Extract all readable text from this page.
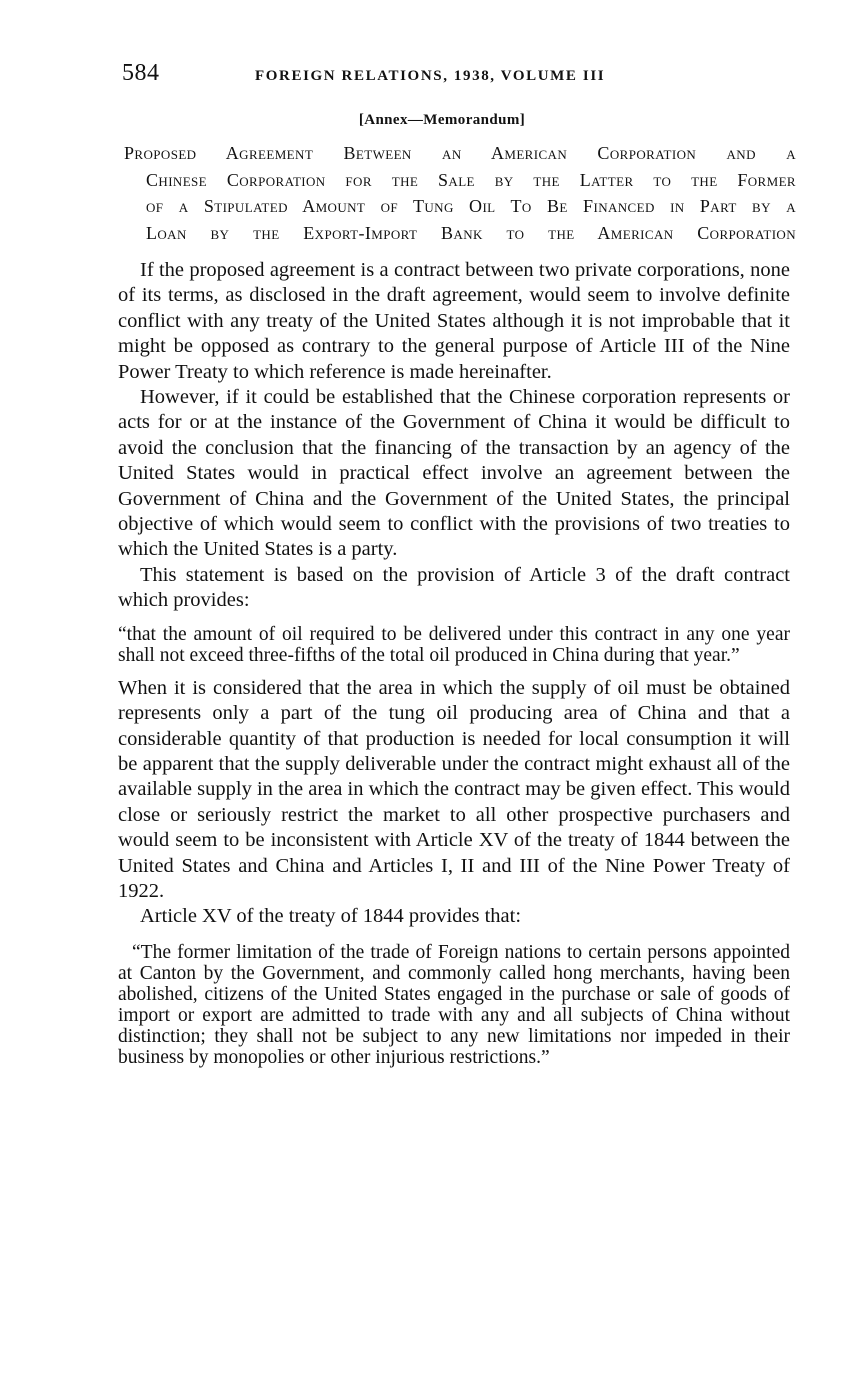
584	FOREIGN RELATIONS, 1938, VOLUME III
[Annex—Memorandum]
Proposed Agreement Between an American Corporation and a
Chinese Corporation for the Sale by the Latter to the Former
of a Stipulated Amount of Tung Oil To Be Financed in Part by a
Loan by the Export-Import Bank to the American Corporation

If the proposed agreement is a contract between two private corporations, none of its terms, as disclosed in the draft agreement, would seem to involve definite conflict with any treaty of the United States although it is not improbable that it might be opposed as contrary to the general purpose of Article III of the Nine Power Treaty to which reference is made hereinafter.

However, if it could be established that the Chinese corporation represents or acts for or at the instance of the Government of China it would be difficult to avoid the conclusion that the financing of the transaction by an agency of the United States would in practical effect involve an agreement between the Government of China and the Government of the United States, the principal objective of which would seem to conflict with the provisions of two treaties to which the United States is a party.

This statement is based on the provision of Article 3 of the draft contract which provides:

“that the amount of oil required to be delivered under this contract in any one year shall not exceed three-fifths of the total oil produced in China during that year.”

When it is considered that the area in which the supply of oil must be obtained represents only a part of the tung oil producing area of China and that a considerable quantity of that production is needed for local consumption it will be apparent that the supply deliverable under the contract might exhaust all of the available supply in the area in which the contract may be given effect. This would close or seriously restrict the market to all other prospective purchasers and would seem to be inconsistent with Article XV of the treaty of 1844 between the United States and China and Articles I, II and III of the Nine Power Treaty of 1922.

Article XV of the treaty of 1844 provides that:

“The former limitation of the trade of Foreign nations to certain persons appointed at Canton by the Government, and commonly called hong merchants, having been abolished, citizens of the United States engaged in the purchase or sale of goods of import or export are admitted to trade with any and all subjects of China without distinction; they shall not be subject to any new limitations nor impeded in their business by monopolies or other injurious restrictions.”
